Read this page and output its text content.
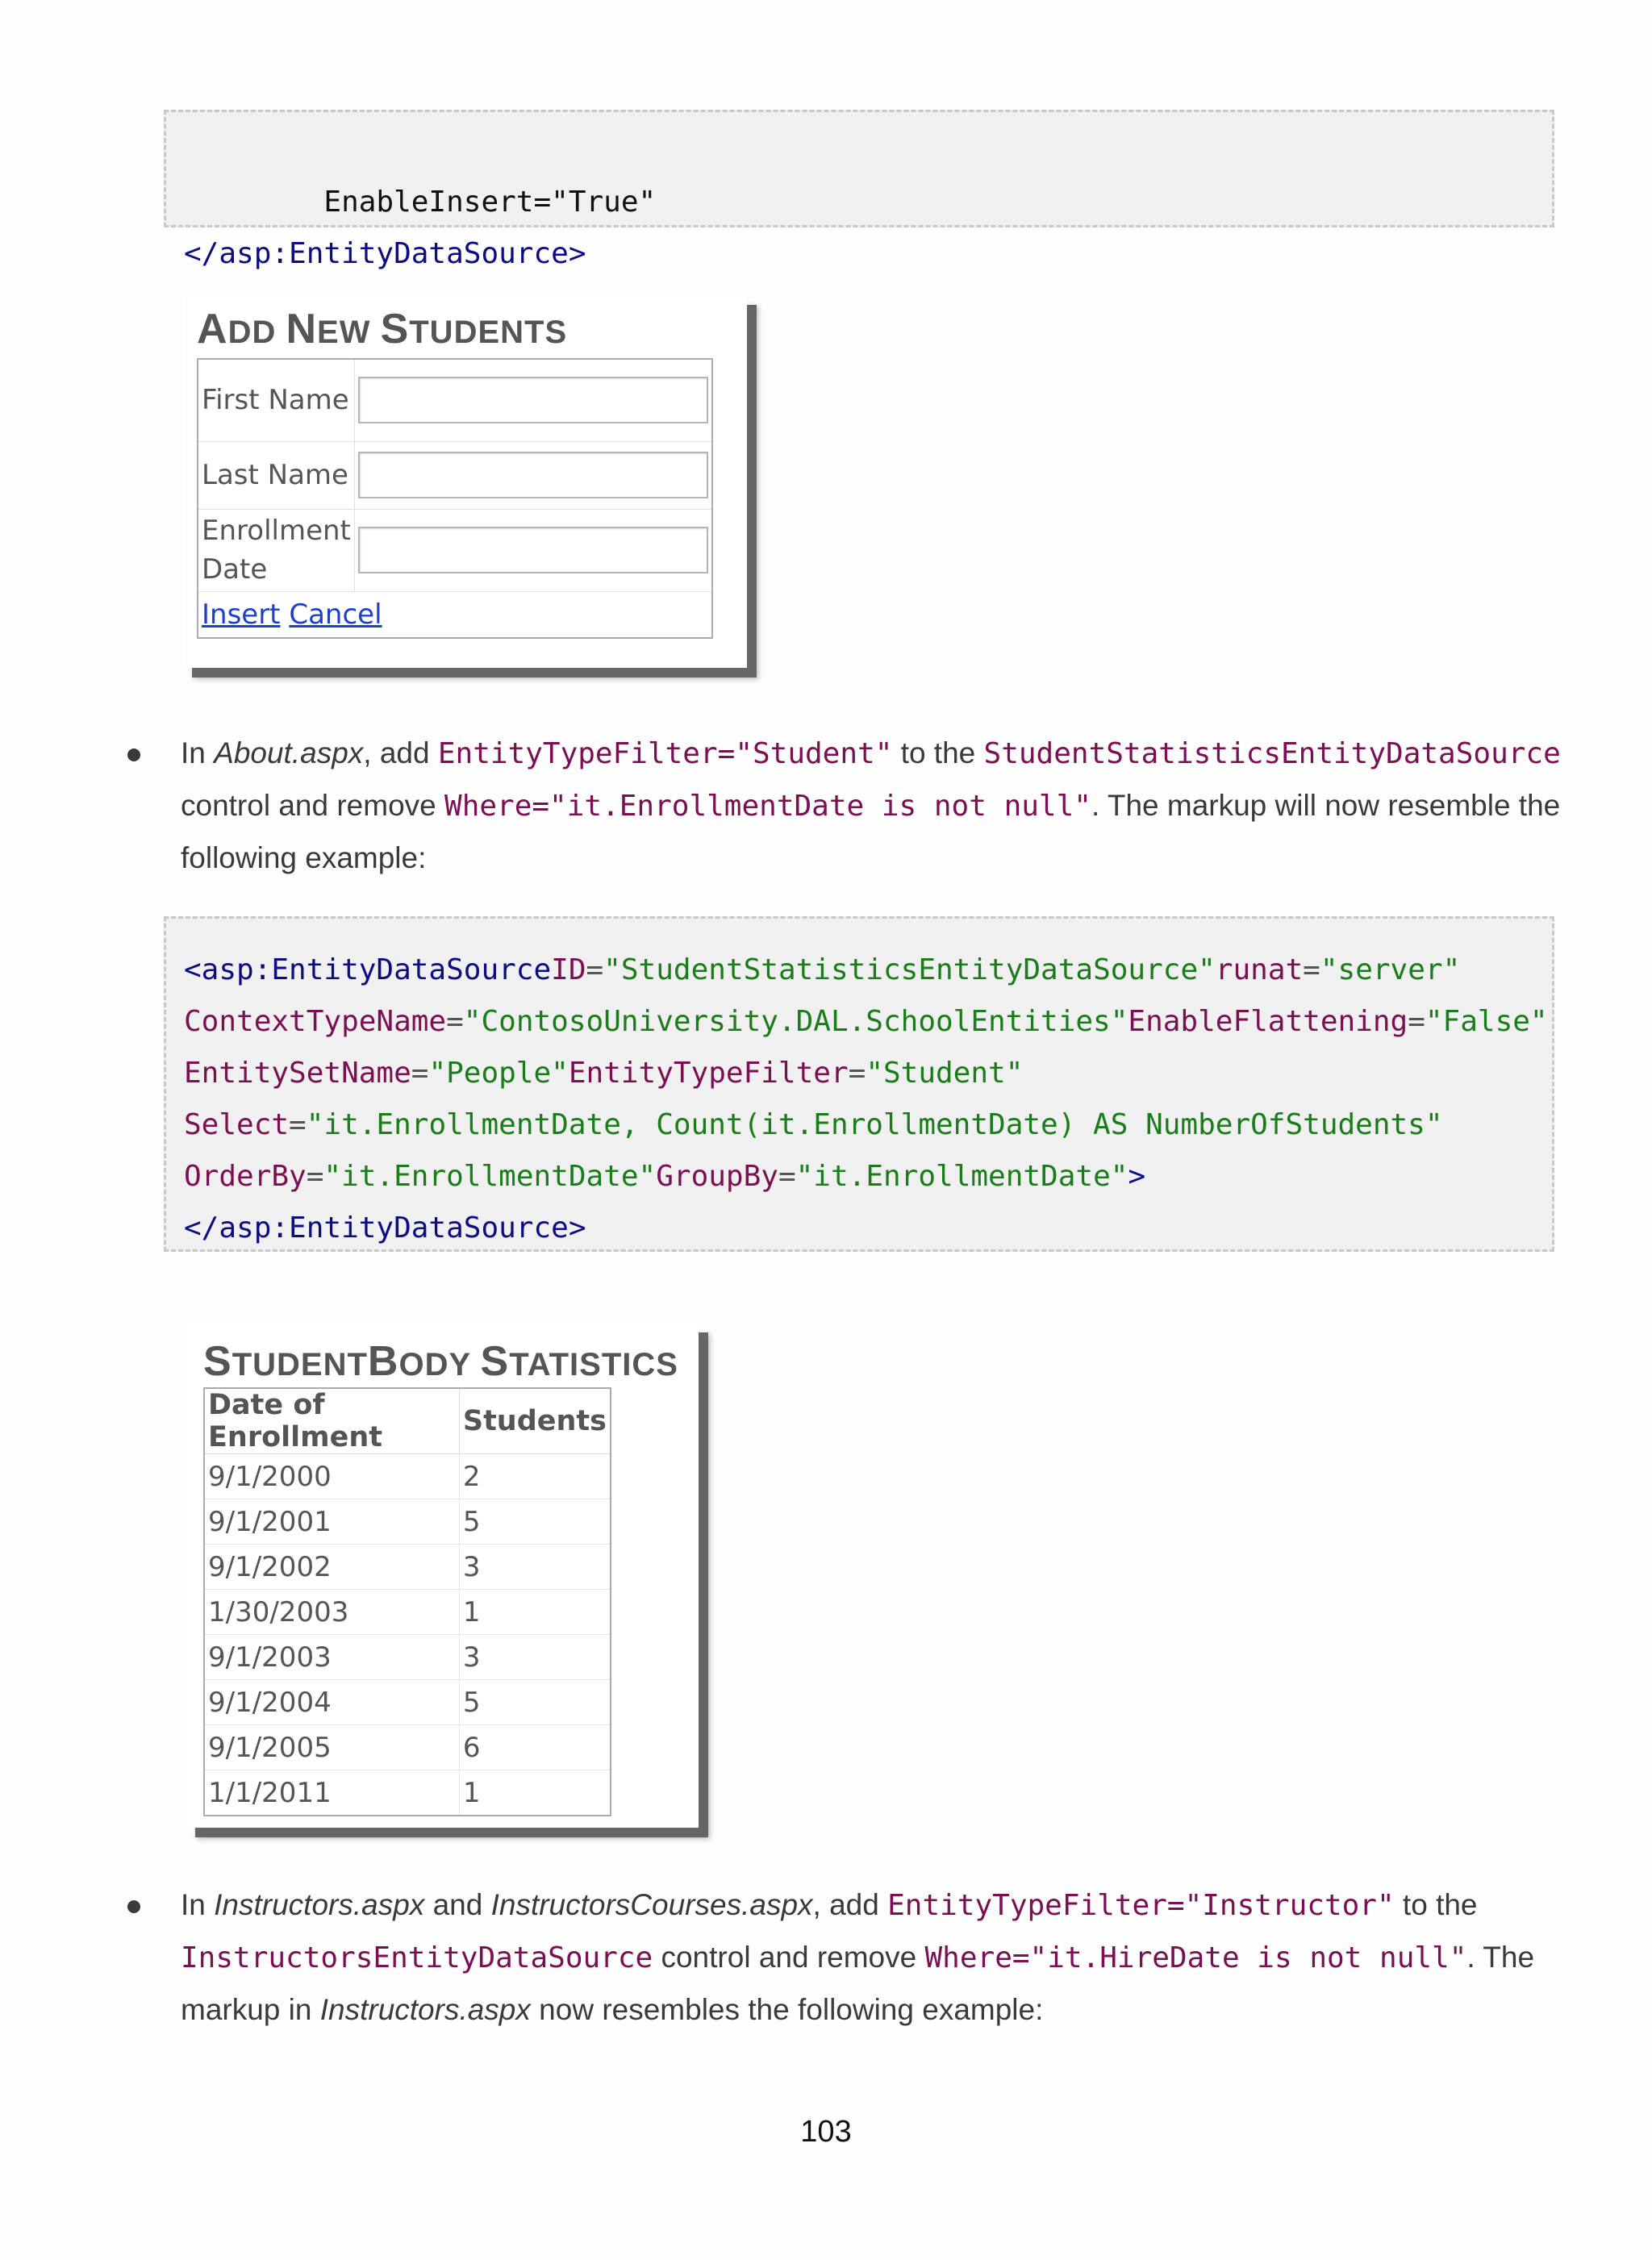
EnableInsert="True"
</asp:EntityDataSource>
ADD NEW STUDENTS
First Name	

Last Name	

Enrollment Date	

Insert Cancel	
In About.aspx, add EntityTypeFilter="Student" to the StudentStatisticsEntityDataSource
control and remove Where="it.EnrollmentDate is not null". The markup will now resemble the following example:
<asp:EntityDataSourceID="StudentStatisticsEntityDataSource"runat="server"
ContextTypeName="ContosoUniversity.DAL.SchoolEntities"EnableFlattening="False"
EntitySetName="People"EntityTypeFilter="Student"
Select="it.EnrollmentDate, Count(it.EnrollmentDate) AS NumberOfStudents"
OrderBy="it.EnrollmentDate"GroupBy="it.EnrollmentDate">
</asp:EntityDataSource>
STUDENTBODY STATISTICS
Date of Enrollment	Students
9/1/2000	2
9/1/2001	5
9/1/2002	3
1/30/2003	1
9/1/2003	3
9/1/2004	5
9/1/2005	6
1/1/2011	1
In Instructors.aspx and InstructorsCourses.aspx, add EntityTypeFilter="Instructor" to the
InstructorsEntityDataSource control and remove Where="it.HireDate is not null". The markup in Instructors.aspx now resembles the following example:
103
